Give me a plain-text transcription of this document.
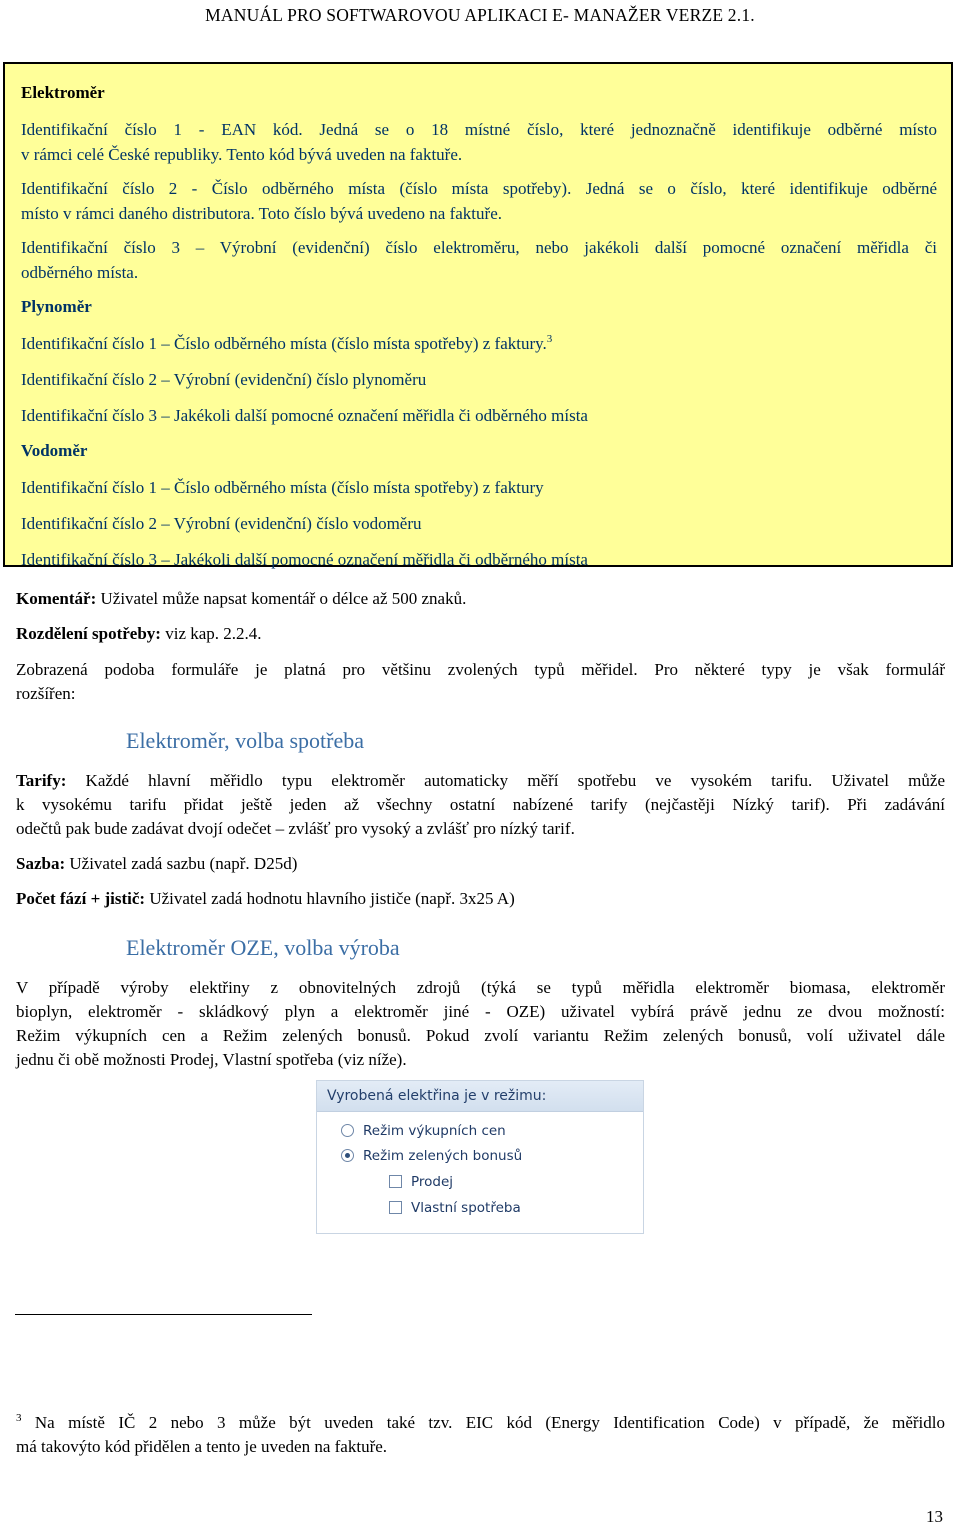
MANUÁL PRO SOFTWAROVOU APLIKACI E- MANAŽER VERZE 2.1.
Elektroměr
Identifikační číslo 1 - EAN kód. Jedná se o 18 místné číslo, které jednoznačně identifikuje odběrné místo
v rámci celé České republiky. Tento kód bývá uveden na faktuře.
Identifikační číslo 2 - Číslo odběrného místa (číslo místa spotřeby). Jedná se o číslo, které identifikuje odběrné
místo v rámci daného distributora. Toto číslo bývá uvedeno na faktuře.
Identifikační číslo 3 – Výrobní (evidenční) číslo elektroměru, nebo jakékoli další pomocné označení měřidla či
odběrného místa.
Plynoměr
Identifikační číslo 1 – Číslo odběrného místa (číslo místa spotřeby) z faktury.$^3$
Identifikační číslo 2 – Výrobní (evidenční) číslo plynoměru
Identifikační číslo 3 – Jakékoli další pomocné označení měřidla či odběrného místa
Vodoměr
Identifikační číslo 1 – Číslo odběrného místa (číslo místa spotřeby) z faktury
Identifikační číslo 2 – Výrobní (evidenční) číslo vodoměru
Identifikační číslo 3 – Jakékoli další pomocné označení měřidla či odběrného místa
Komentář: Uživatel může napsat komentář o délce až 500 znaků.
Rozdělení spotřeby: viz kap. 2.2.4.
Zobrazená podoba formuláře je platná pro většinu zvolených typů měřidel. Pro některé typy je však formulář
rozšířen:
Elektroměr, volba spotřeba
Tarify: Každé hlavní měřidlo typu elektroměr automaticky měří spotřebu ve vysokém tarifu. Uživatel může
k vysokému tarifu přidat ještě jeden až všechny ostatní nabízené tarify (nejčastěji Nízký tarif). Při zadávání
odečtů pak bude zadávat dvojí odečet – zvlášť pro vysoký a zvlášť pro nízký tarif.
Sazba: Uživatel zadá sazbu (např. D25d)
Počet fází + jistič: Uživatel zadá hodnotu hlavního jističe (např. 3x25 A)
Elektroměr OZE, volba výroba
V případě výroby elektřiny z obnovitelných zdrojů (týká se typů měřidla elektroměr biomasa, elektroměr
bioplyn, elektroměr - skládkový plyn a elektroměr jiné - OZE) uživatel vybírá právě jednu ze dvou možností:
Režim výkupních cen a Režim zelených bonusů. Pokud zvolí variantu Režim zelených bonusů, volí uživatel dále
jednu či obě možnosti Prodej, Vlastní spotřeba (viz níže).
Vyrobená elektřina je v režimu:
Režim výkupních cen
Režim zelených bonusů
Prodej
Vlastní spotřeba
$^3$ Na místě IČ 2 nebo 3 může být uveden také tzv. EIC kód (Energy Identification Code) v případě, že měřidlo
má takovýto kód přidělen a tento je uveden na faktuře.
13
